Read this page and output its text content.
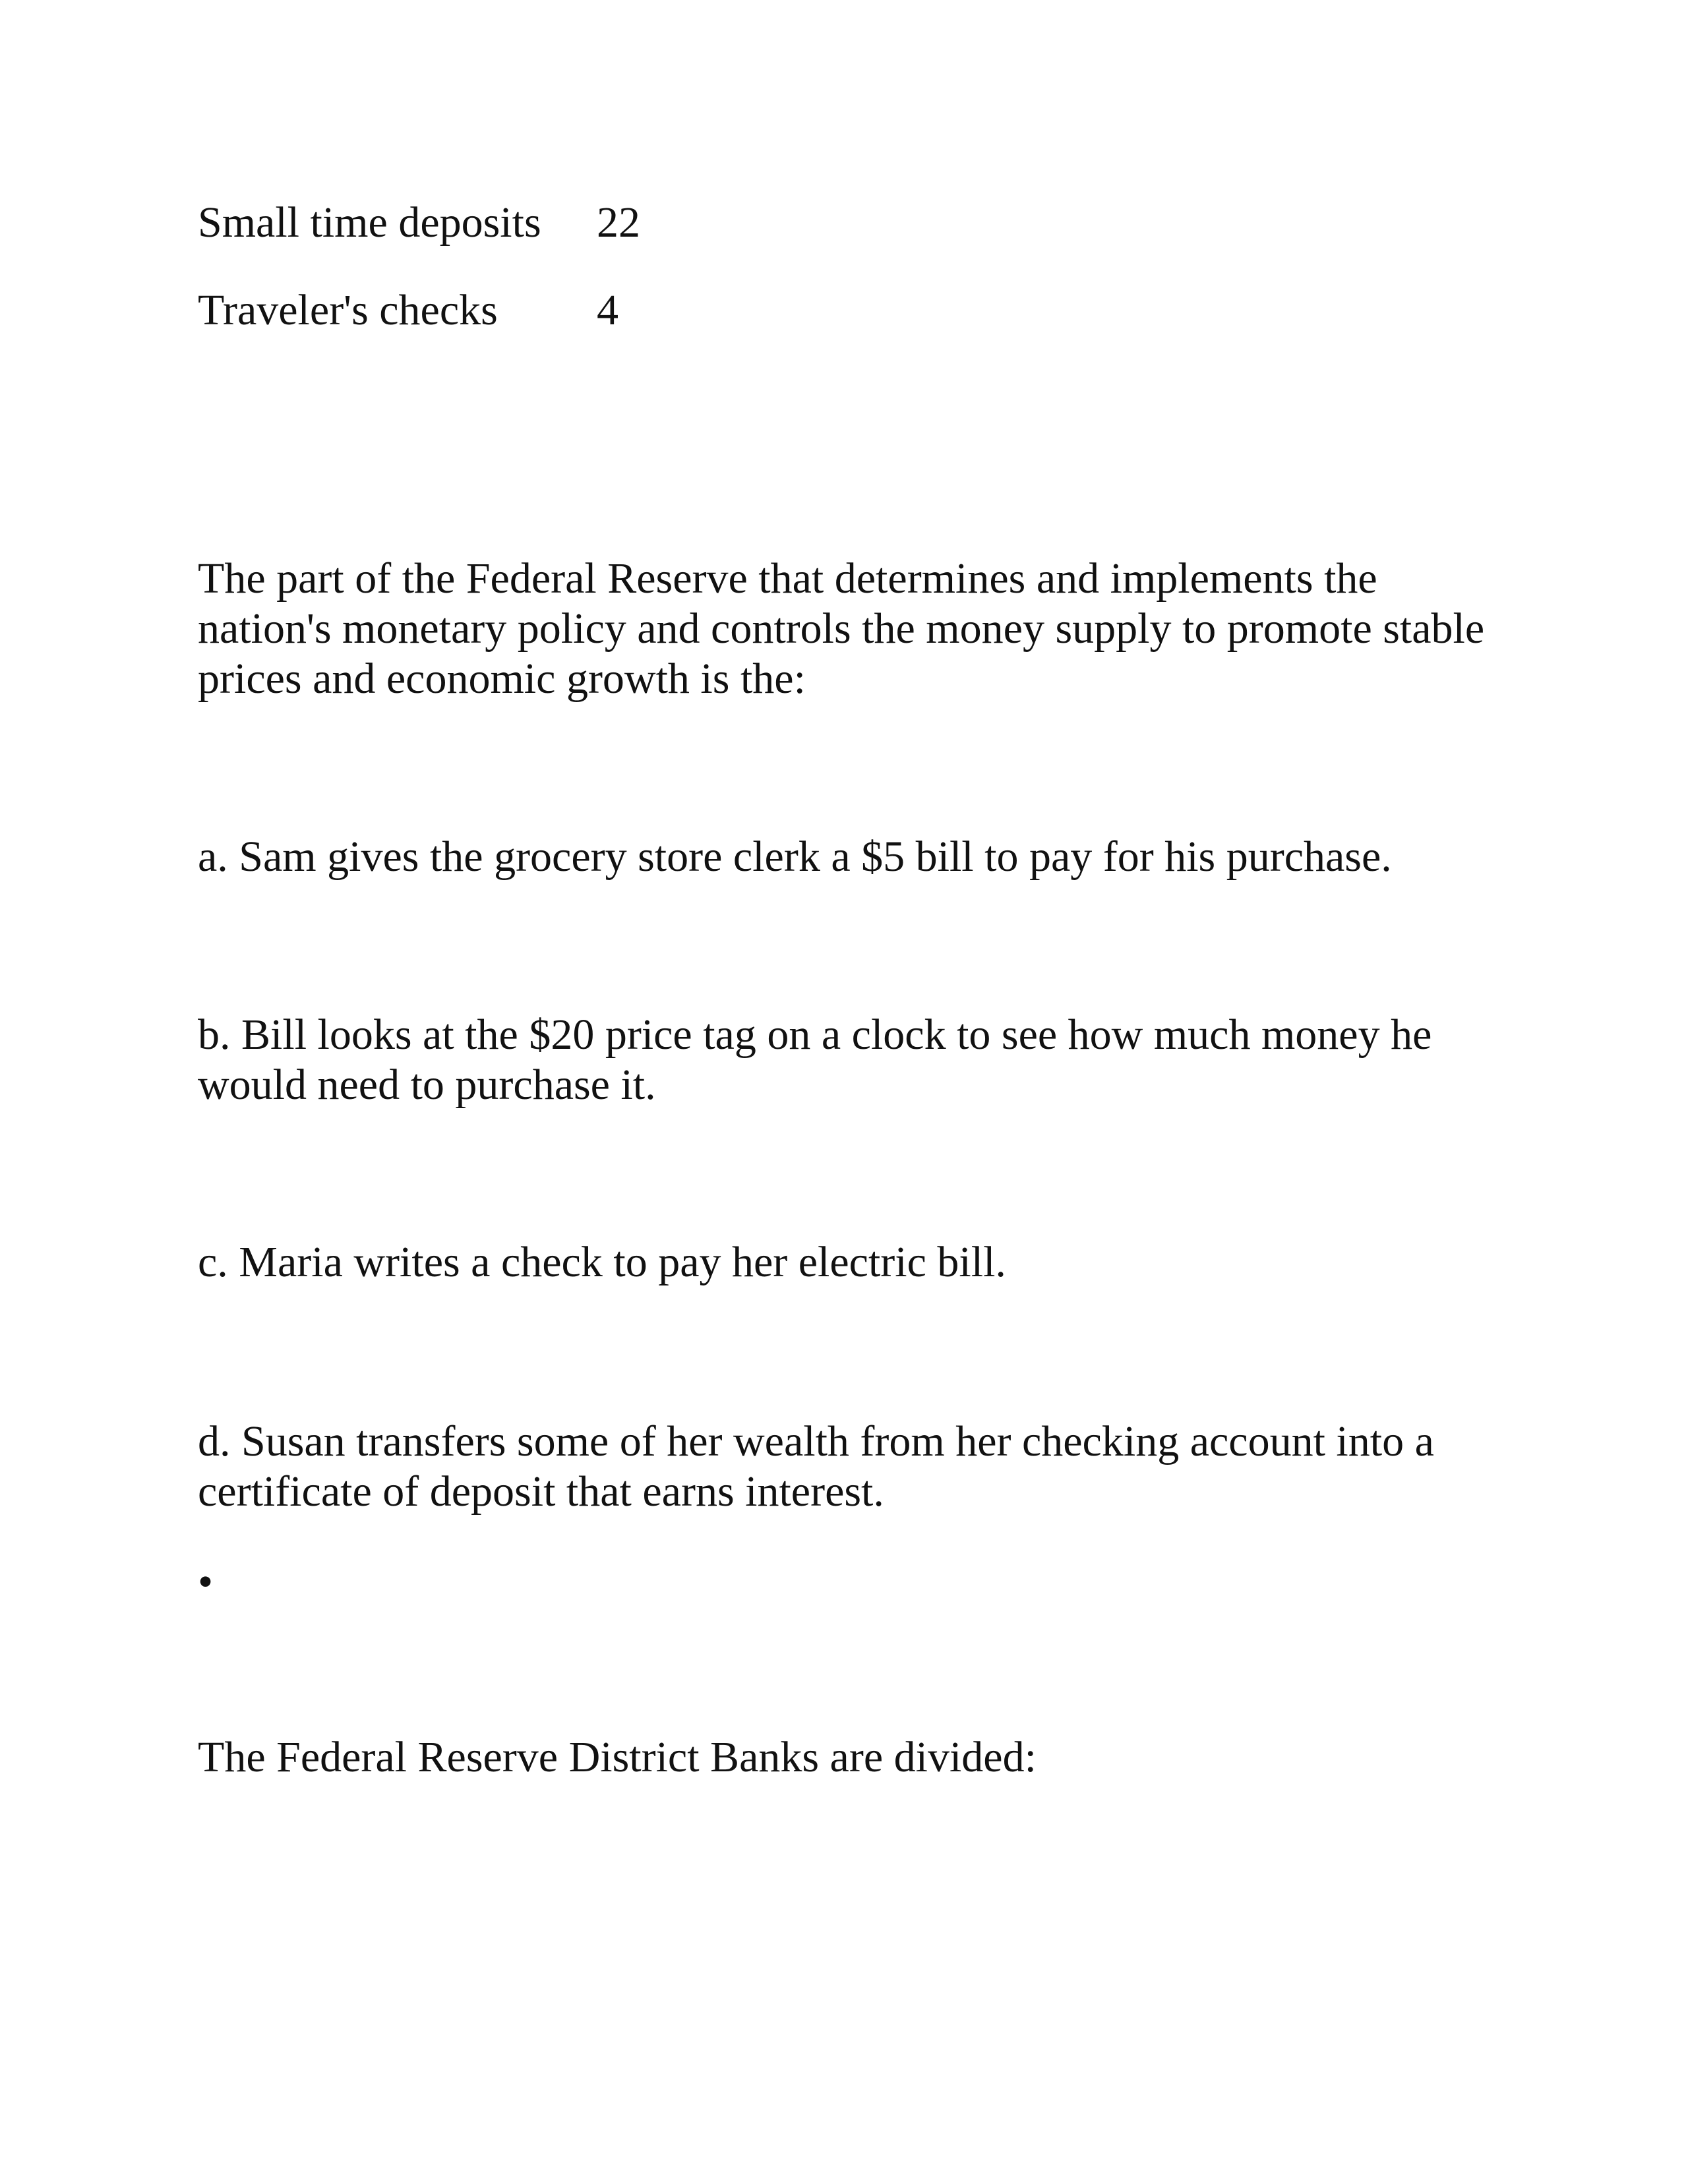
Small time deposits 22
Traveler's checks 4

The part of the Federal Reserve that determines and implements the nation's monetary policy and controls the money supply to promote stable prices and economic growth is the:

a. Sam gives the grocery store clerk a $5 bill to pay for his purchase.

b. Bill looks at the $20 price tag on a clock to see how much money he would need to purchase it.

c. Maria writes a check to pay her electric bill.

d. Susan transfers some of her wealth from her checking account into a certificate of deposit that earns interest.

•

The Federal Reserve District Banks are divided:
